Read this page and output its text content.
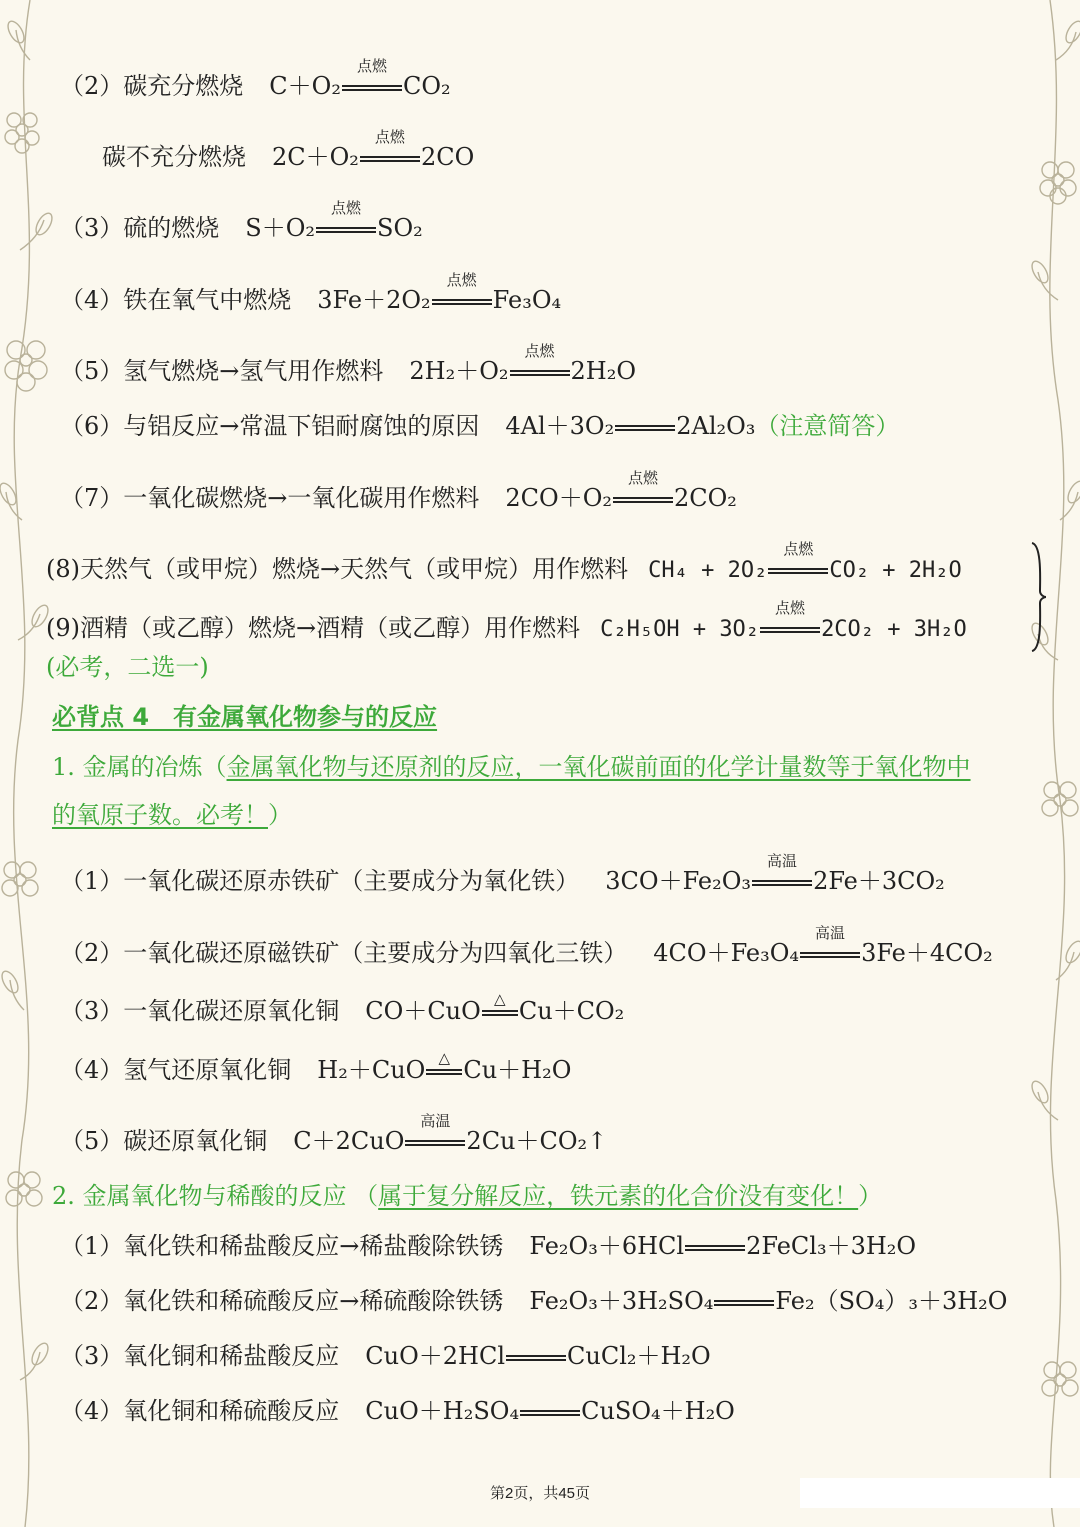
（2）碳充分燃烧 C＋O₂
点燃
CO₂
碳不充分燃烧 2C＋O₂
点燃
2CO
（3）硫的燃烧 S＋O₂
点燃
SO₂
（4）铁在氧气中燃烧 3Fe＋2O₂
点燃
Fe₃O₄
（5）氢气燃烧→氢气用作燃料 2H₂＋O₂
点燃
2H₂O
（6）与铝反应→常温下铝耐腐蚀的原因 4Al＋3O₂	2Al₂O₃（注意简答）
（7）一氧化碳燃烧→一氧化碳用作燃料 2CO＋O₂
点燃
2CO₂
(8)天然气（或甲烷）燃烧→天然气（或甲烷）用作燃料 CH₄ + 2O₂
点燃
CO₂ + 2H₂O
(9)酒精（或乙醇）燃烧→酒精（或乙醇）用作燃料 C₂H₅OH + 3O₂
点燃
2CO₂ + 3H₂O
(必考，二选一)
必背点 4　有金属氧化物参与的反应
1. 金属的冶炼（金属氧化物与还原剂的反应，一氧化碳前面的化学计量数等于氧化物中
的氧原子数。必考！）
（1）一氧化碳还原赤铁矿（主要成分为氧化铁） 3CO＋Fe₂O₃
高温
2Fe＋3CO₂
（2）一氧化碳还原磁铁矿（主要成分为四氧化三铁） 4CO＋Fe₃O₄
高温
3Fe＋4CO₂
（3）一氧化碳还原氧化铜 CO＋CuO △ Cu＋CO₂
（4）氢气还原氧化铜 H₂＋CuO △ Cu＋H₂O
（5）碳还原氧化铜 C＋2CuO
高温
2Cu＋CO₂↑
2. 金属氧化物与稀酸的反应 （属于复分解反应，铁元素的化合价没有变化！）
（1）氧化铁和稀盐酸反应→稀盐酸除铁锈 Fe₂O₃＋6HCl	2FeCl₃＋3H₂O
（2）氧化铁和稀硫酸反应→稀硫酸除铁锈 Fe₂O₃＋3H₂SO₄	Fe₂（SO₄）₃＋3H₂O
（3）氧化铜和稀盐酸反应 CuO＋2HCl	CuCl₂＋H₂O
（4）氧化铜和稀硫酸反应 CuO＋H₂SO₄	CuSO₄＋H₂O
第2页，共45页
